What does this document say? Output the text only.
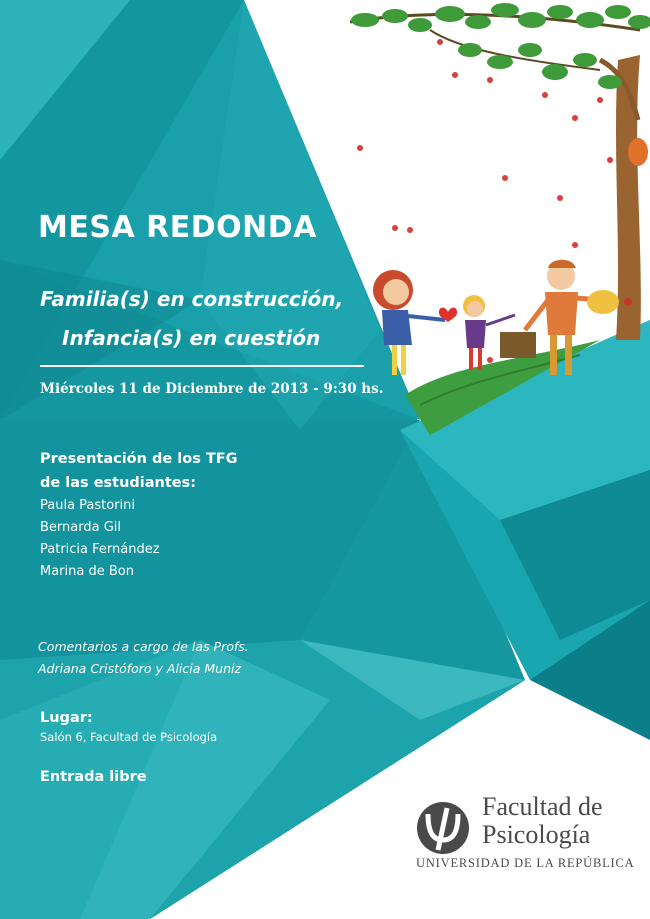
MESA REDONDA

Familia(s) en construcción,

Infancia(s) en cuestión

Miércoles 11 de Diciembre de 2013 - 9:30 hs.

Presentación de los TFG

de las estudiantes:

Paula Pastorini

Bernarda Gil

Patricia Fernández

Marina de Bon

Comentarios a cargo de las Profs.

Adriana Cristóforo y Alicia Muniz

Lugar:

Salón 6, Facultad de Psicología

Entrada libre

Facultad de
Psicología
UNIVERSIDAD DE LA REPÚBLICA
